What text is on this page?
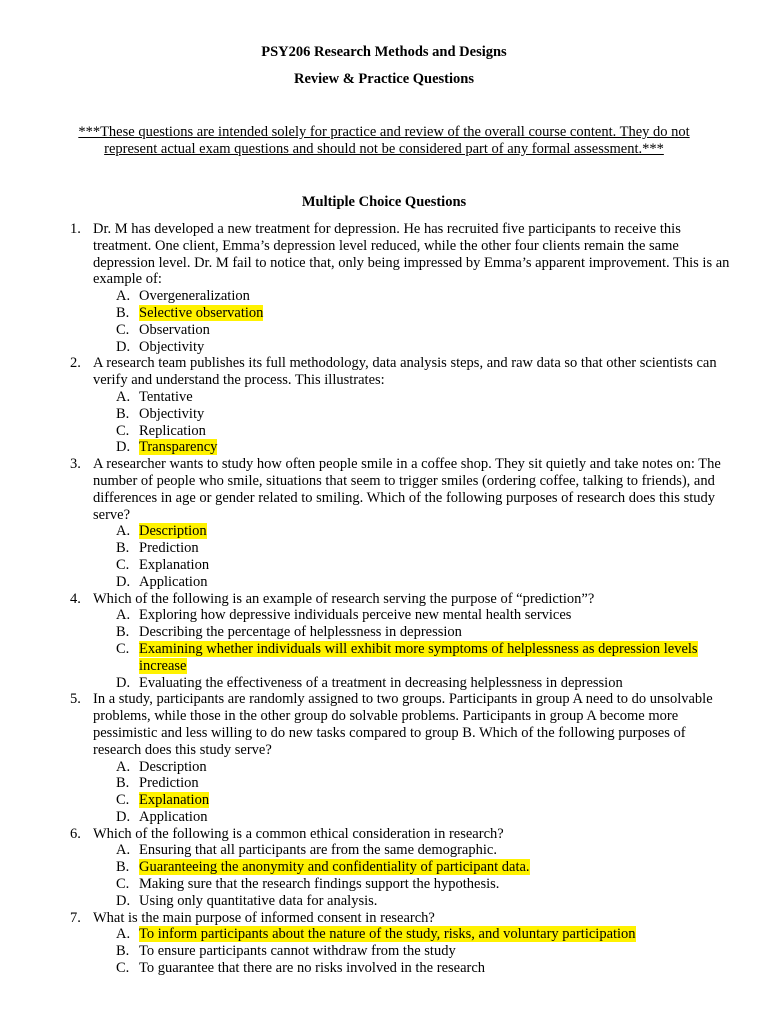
PSY206 Research Methods and Designs
Review & Practice Questions
***These questions are intended solely for practice and review of the overall course content. They do not
represent actual exam questions and should not be considered part of any formal assessment.***
Multiple Choice Questions
1. Dr. M has developed a new treatment for depression. He has recruited five participants to receive this treatment. One client, Emma’s depression level reduced, while the other four clients remain the same depression level. Dr. M fail to notice that, only being impressed by Emma’s apparent improvement. This is an example of:
A. Overgeneralization
B. Selective observation
C. Observation
D. Objectivity
2. A research team publishes its full methodology, data analysis steps, and raw data so that other scientists can verify and understand the process. This illustrates:
A. Tentative
B. Objectivity
C. Replication
D. Transparency
3. A researcher wants to study how often people smile in a coffee shop. They sit quietly and take notes on: The number of people who smile, situations that seem to trigger smiles (ordering coffee, talking to friends), and differences in age or gender related to smiling. Which of the following purposes of research does this study serve?
A. Description
B. Prediction
C. Explanation
D. Application
4. Which of the following is an example of research serving the purpose of “prediction”?
A. Exploring how depressive individuals perceive new mental health services
B. Describing the percentage of helplessness in depression
C. Examining whether individuals will exhibit more symptoms of helplessness as depression levels increase
D. Evaluating the effectiveness of a treatment in decreasing helplessness in depression
5. In a study, participants are randomly assigned to two groups. Participants in group A need to do unsolvable problems, while those in the other group do solvable problems. Participants in group A become more pessimistic and less willing to do new tasks compared to group B. Which of the following purposes of research does this study serve?
A. Description
B. Prediction
C. Explanation
D. Application
6. Which of the following is a common ethical consideration in research?
A. Ensuring that all participants are from the same demographic.
B. Guaranteeing the anonymity and confidentiality of participant data.
C. Making sure that the research findings support the hypothesis.
D. Using only quantitative data for analysis.
7. What is the main purpose of informed consent in research?
A. To inform participants about the nature of the study, risks, and voluntary participation
B. To ensure participants cannot withdraw from the study
C. To guarantee that there are no risks involved in the research
